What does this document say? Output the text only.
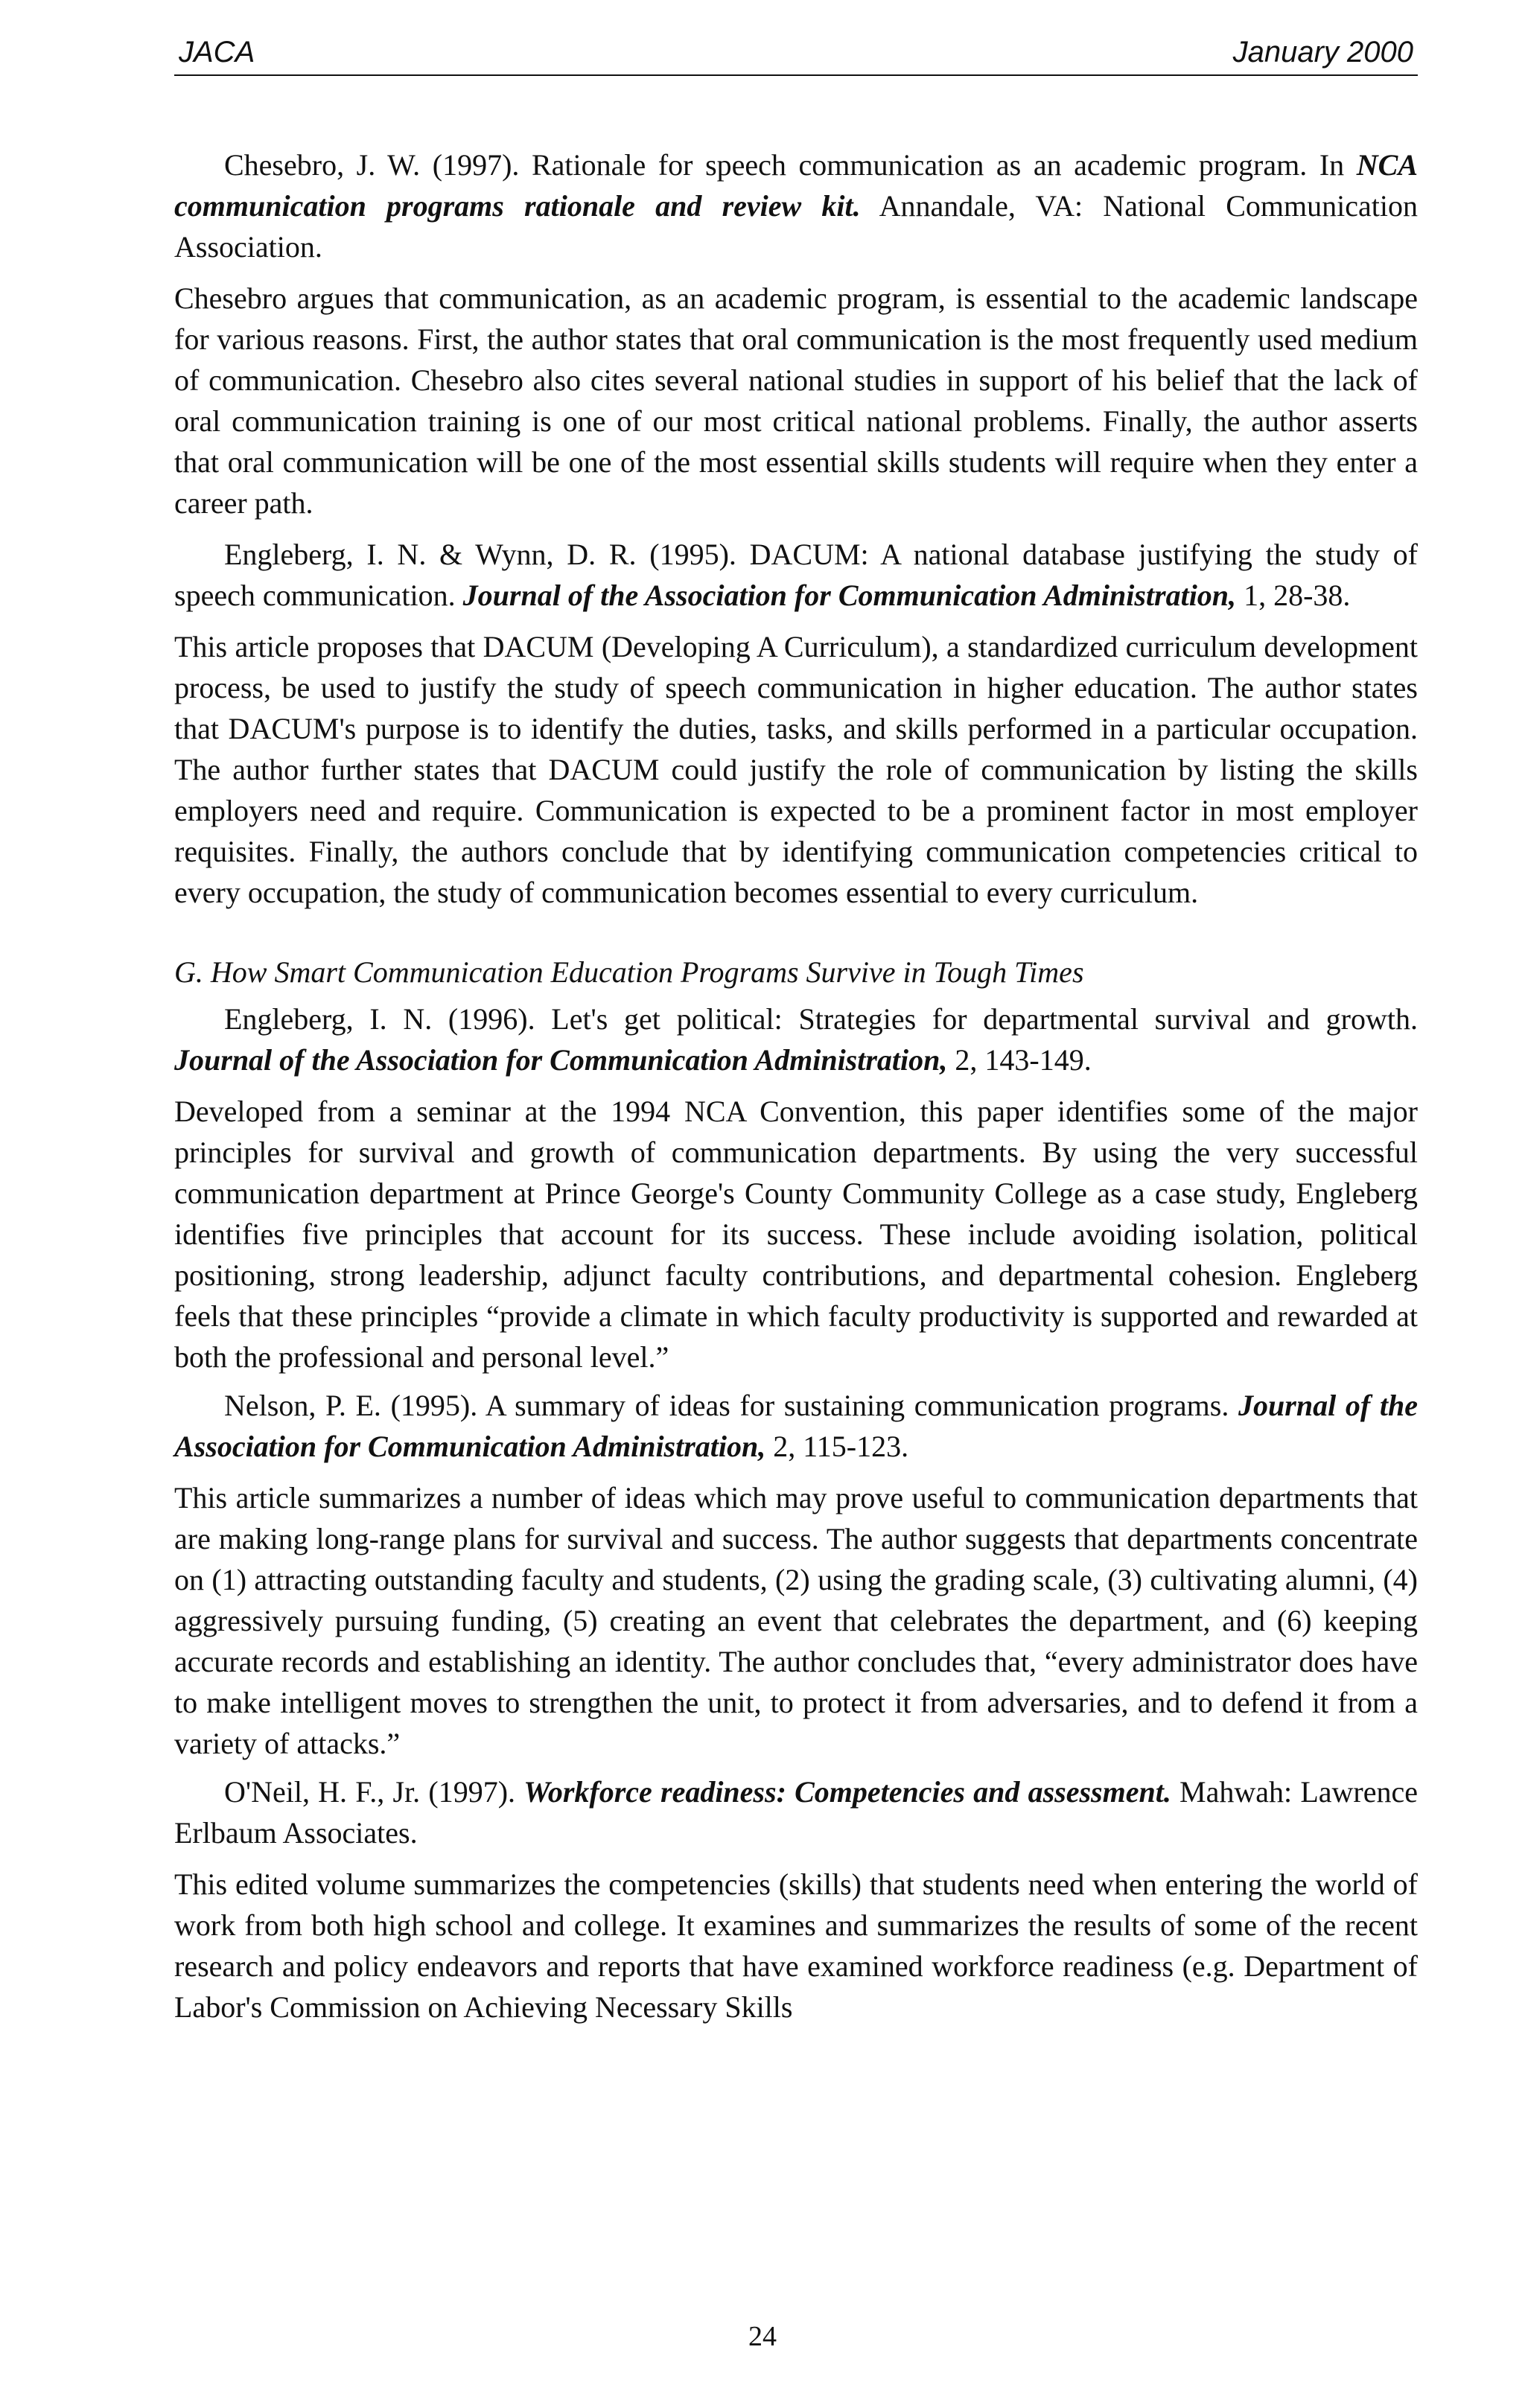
JACA	January 2000

Chesebro, J. W. (1997). Rationale for speech communication as an academic program. In NCA communication programs rationale and review kit. Annandale, VA: National Communication Association.

Chesebro argues that communication, as an academic program, is essential to the academic landscape for various reasons. First, the author states that oral communication is the most frequently used medium of communication. Chesebro also cites several national studies in support of his belief that the lack of oral communication training is one of our most critical national problems. Finally, the author asserts that oral communication will be one of the most essential skills students will require when they enter a career path.

Engleberg, I. N. & Wynn, D. R. (1995). DACUM: A national database justifying the study of speech communication. Journal of the Association for Communication Administration, 1, 28-38.

This article proposes that DACUM (Developing A Curriculum), a standardized curriculum development process, be used to justify the study of speech communication in higher education. The author states that DACUM's purpose is to identify the duties, tasks, and skills performed in a particular occupation. The author further states that DACUM could justify the role of communication by listing the skills employers need and require. Communication is expected to be a prominent factor in most employer requisites. Finally, the authors conclude that by identifying communication competencies critical to every occupation, the study of communication becomes essential to every curriculum.

G. How Smart Communication Education Programs Survive in Tough Times

Engleberg, I. N. (1996). Let's get political: Strategies for departmental survival and growth. Journal of the Association for Communication Administration, 2, 143-149.

Developed from a seminar at the 1994 NCA Convention, this paper identifies some of the major principles for survival and growth of communication departments. By using the very successful communication department at Prince George's County Community College as a case study, Engleberg identifies five principles that account for its success. These include avoiding isolation, political positioning, strong leadership, adjunct faculty contributions, and departmental cohesion. Engleberg feels that these principles “provide a climate in which faculty productivity is supported and rewarded at both the professional and personal level.”

Nelson, P. E. (1995). A summary of ideas for sustaining communication programs. Journal of the Association for Communication Administration, 2, 115-123.

This article summarizes a number of ideas which may prove useful to communication departments that are making long-range plans for survival and success. The author suggests that departments concentrate on (1) attracting outstanding faculty and students, (2) using the grading scale, (3) cultivating alumni, (4) aggressively pursuing funding, (5) creating an event that celebrates the department, and (6) keeping accurate records and establishing an identity. The author concludes that, “every administrator does have to make intelligent moves to strengthen the unit, to protect it from adversaries, and to defend it from a variety of attacks.”

O'Neil, H. F., Jr. (1997). Workforce readiness: Competencies and assessment. Mahwah: Lawrence Erlbaum Associates.

This edited volume summarizes the competencies (skills) that students need when entering the world of work from both high school and college. It examines and summarizes the results of some of the recent research and policy endeavors and reports that have examined workforce readiness (e.g. Department of Labor's Commission on Achieving Necessary Skills

24
